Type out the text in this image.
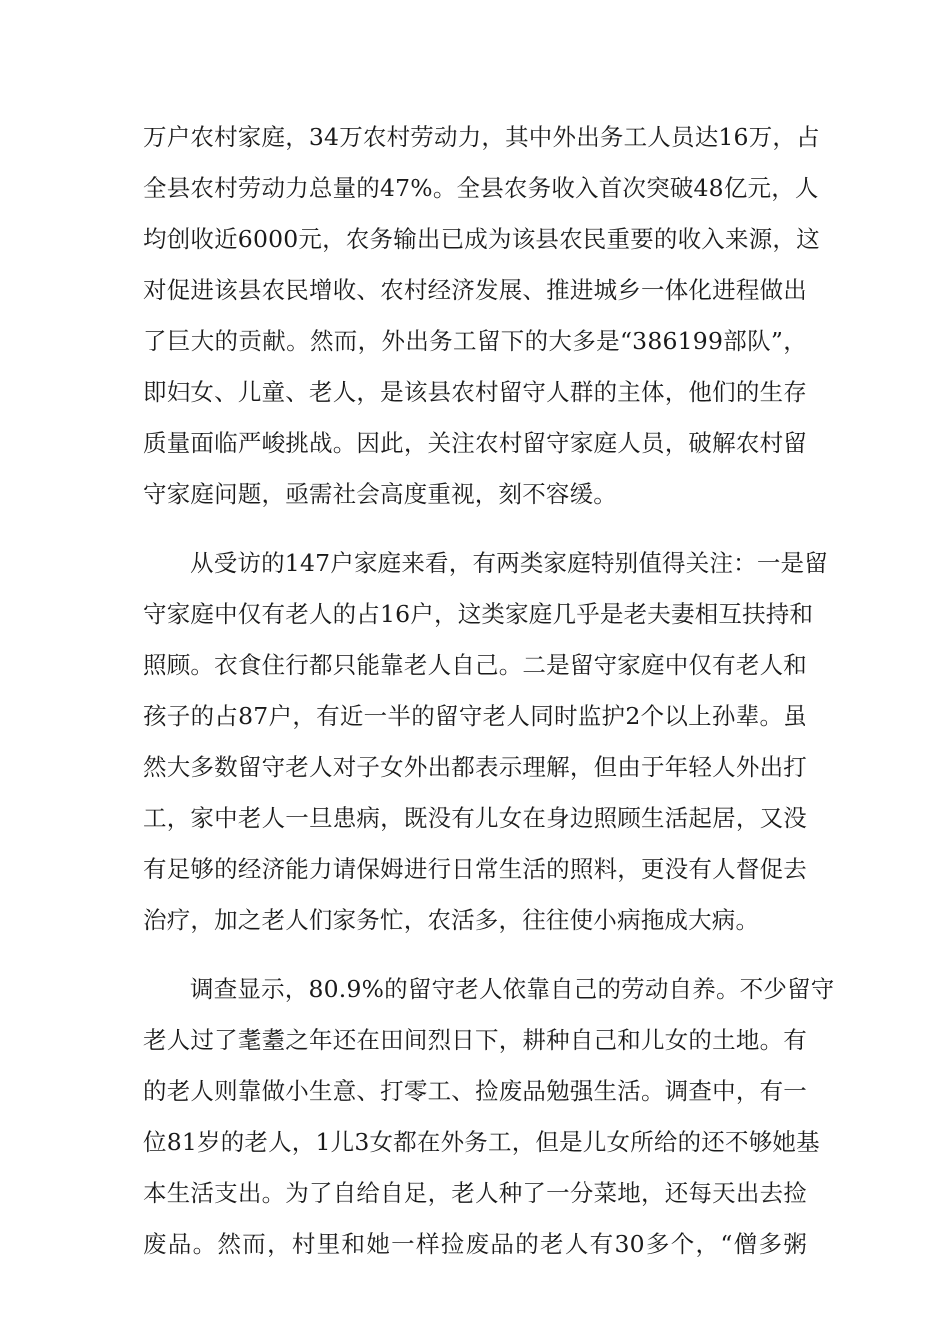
万户农村家庭，34万农村劳动力，其中外出务工人员达16万，占
全县农村劳动力总量的47%。全县农务收入首次突破48亿元，人
均创收近6000元，农务输出已成为该县农民重要的收入来源，这
对促进该县农民增收、农村经济发展、推进城乡一体化进程做出
了巨大的贡献。然而，外出务工留下的大多是“386199部队”，
即妇女、儿童、老人，是该县农村留守人群的主体，他们的生存
质量面临严峻挑战。因此，关注农村留守家庭人员，破解农村留
守家庭问题，亟需社会高度重视，刻不容缓。

从受访的147户家庭来看，有两类家庭特别值得关注：一是留
守家庭中仅有老人的占16户，这类家庭几乎是老夫妻相互扶持和
照顾。衣食住行都只能靠老人自己。二是留守家庭中仅有老人和
孩子的占87户，有近一半的留守老人同时监护2个以上孙辈。虽
然大多数留守老人对子女外出都表示理解，但由于年轻人外出打
工，家中老人一旦患病，既没有儿女在身边照顾生活起居，又没
有足够的经济能力请保姆进行日常生活的照料，更没有人督促去
治疗，加之老人们家务忙，农活多，往往使小病拖成大病。

调查显示，80.9%的留守老人依靠自己的劳动自养。不少留守
老人过了耄耋之年还在田间烈日下，耕种自己和儿女的土地。有
的老人则靠做小生意、打零工、捡废品勉强生活。调查中，有一
位81岁的老人，1儿3女都在外务工，但是儿女所给的还不够她基
本生活支出。为了自给自足，老人种了一分菜地，还每天出去捡
废品。然而，村里和她一样捡废品的老人有30多个，“僧多粥
